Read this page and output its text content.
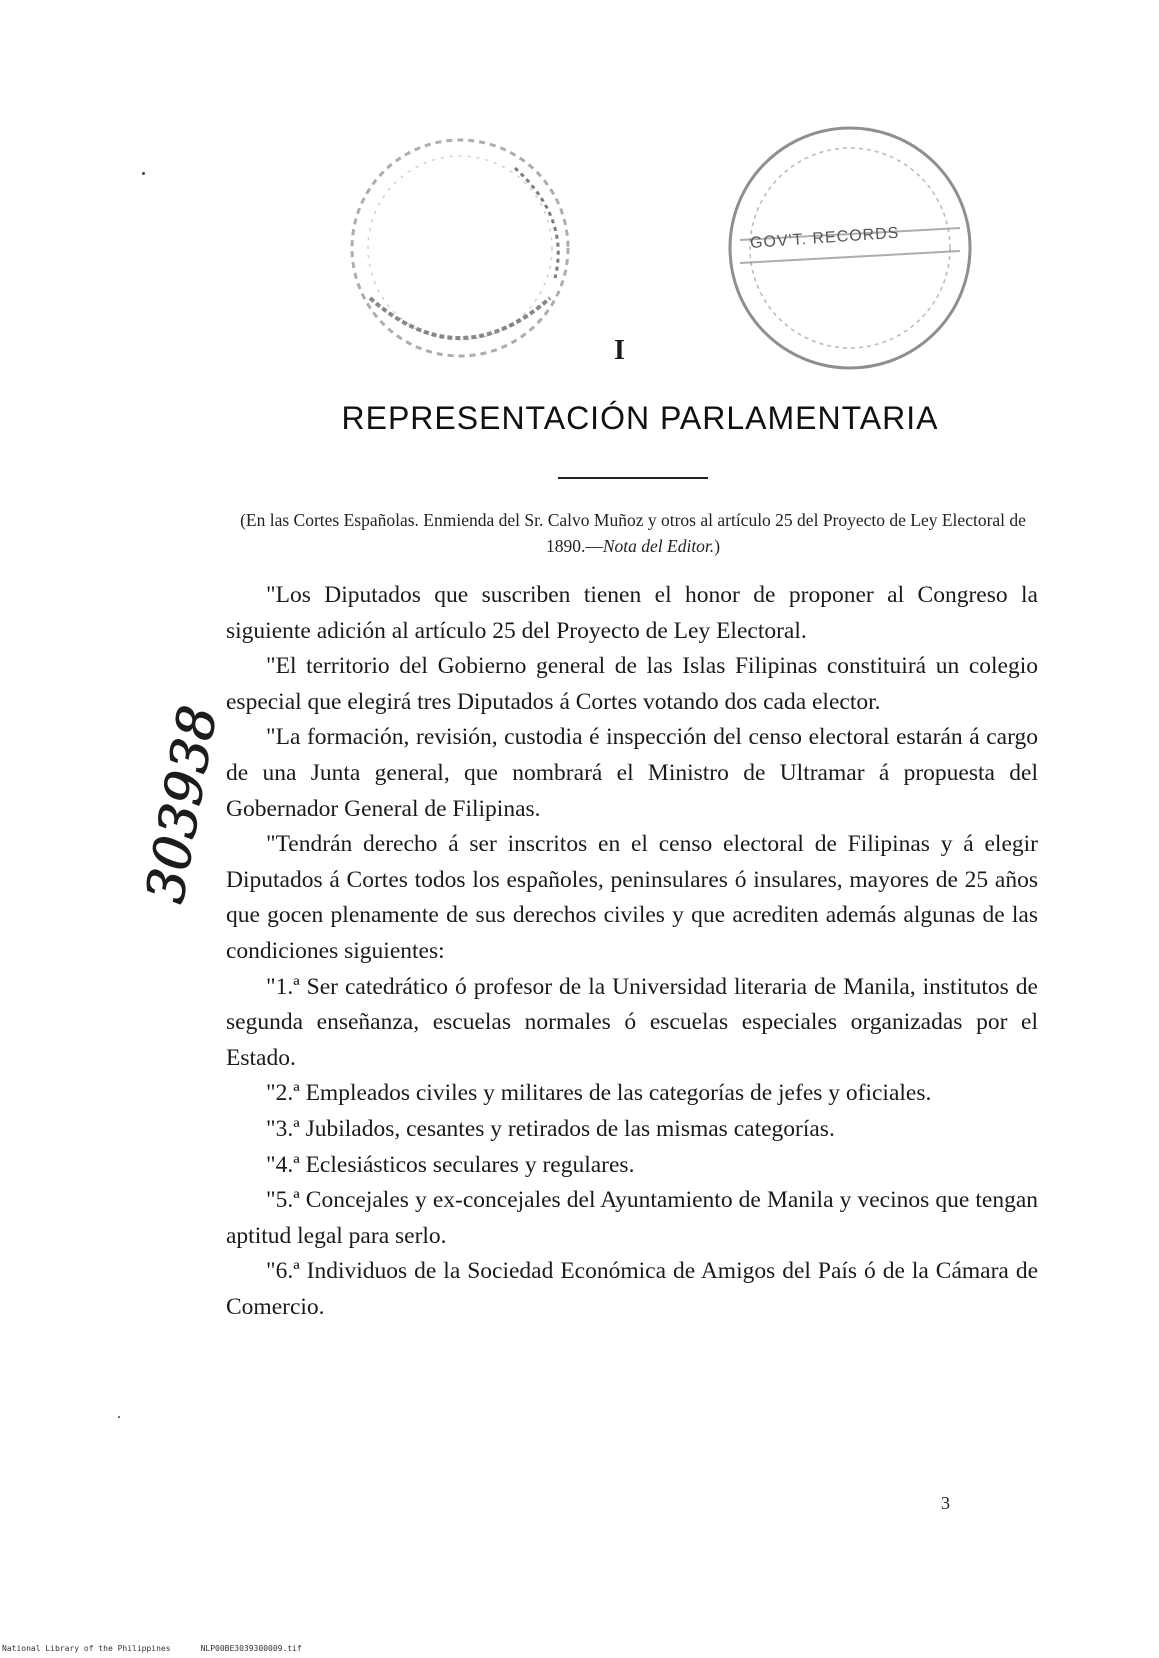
GOV'T. RECORDS
I
REPRESENTACIÓN PARLAMENTARIA
(En las Cortes Españolas. Enmienda del Sr. Calvo Muñoz y otros al artículo 25 del Proyecto de Ley Electoral de 1890.—Nota del Editor.)

"Los Diputados que suscriben tienen el honor de proponer al Congreso la siguiente adición al artículo 25 del Proyecto de Ley Electoral.

"El territorio del Gobierno general de las Islas Filipinas constituirá un colegio especial que elegirá tres Diputados á Cortes votando dos cada elector.

"La formación, revisión, custodia é inspección del censo electoral estarán á cargo de una Junta general, que nombrará el Ministro de Ultramar á propuesta del Gobernador General de Filipinas.

"Tendrán derecho á ser inscritos en el censo electoral de Filipinas y á elegir Diputados á Cortes todos los españoles, peninsulares ó insulares, mayores de 25 años que gocen plenamente de sus derechos civiles y que acrediten además algunas de las condiciones siguientes:

"1.ª Ser catedrático ó profesor de la Universidad literaria de Manila, institutos de segunda enseñanza, escuelas normales ó escuelas especiales organizadas por el Estado.

"2.ª Empleados civiles y militares de las categorías de jefes y oficiales.

"3.ª Jubilados, cesantes y retirados de las mismas categorías.

"4.ª Eclesiásticos seculares y regulares.

"5.ª Concejales y ex-concejales del Ayuntamiento de Manila y vecinos que tengan aptitud legal para serlo.

"6.ª Individuos de la Sociedad Económica de Amigos del País ó de la Cámara de Comercio.

303938
3
National Library of the Philippines	NLP00BE3039300009.tif
